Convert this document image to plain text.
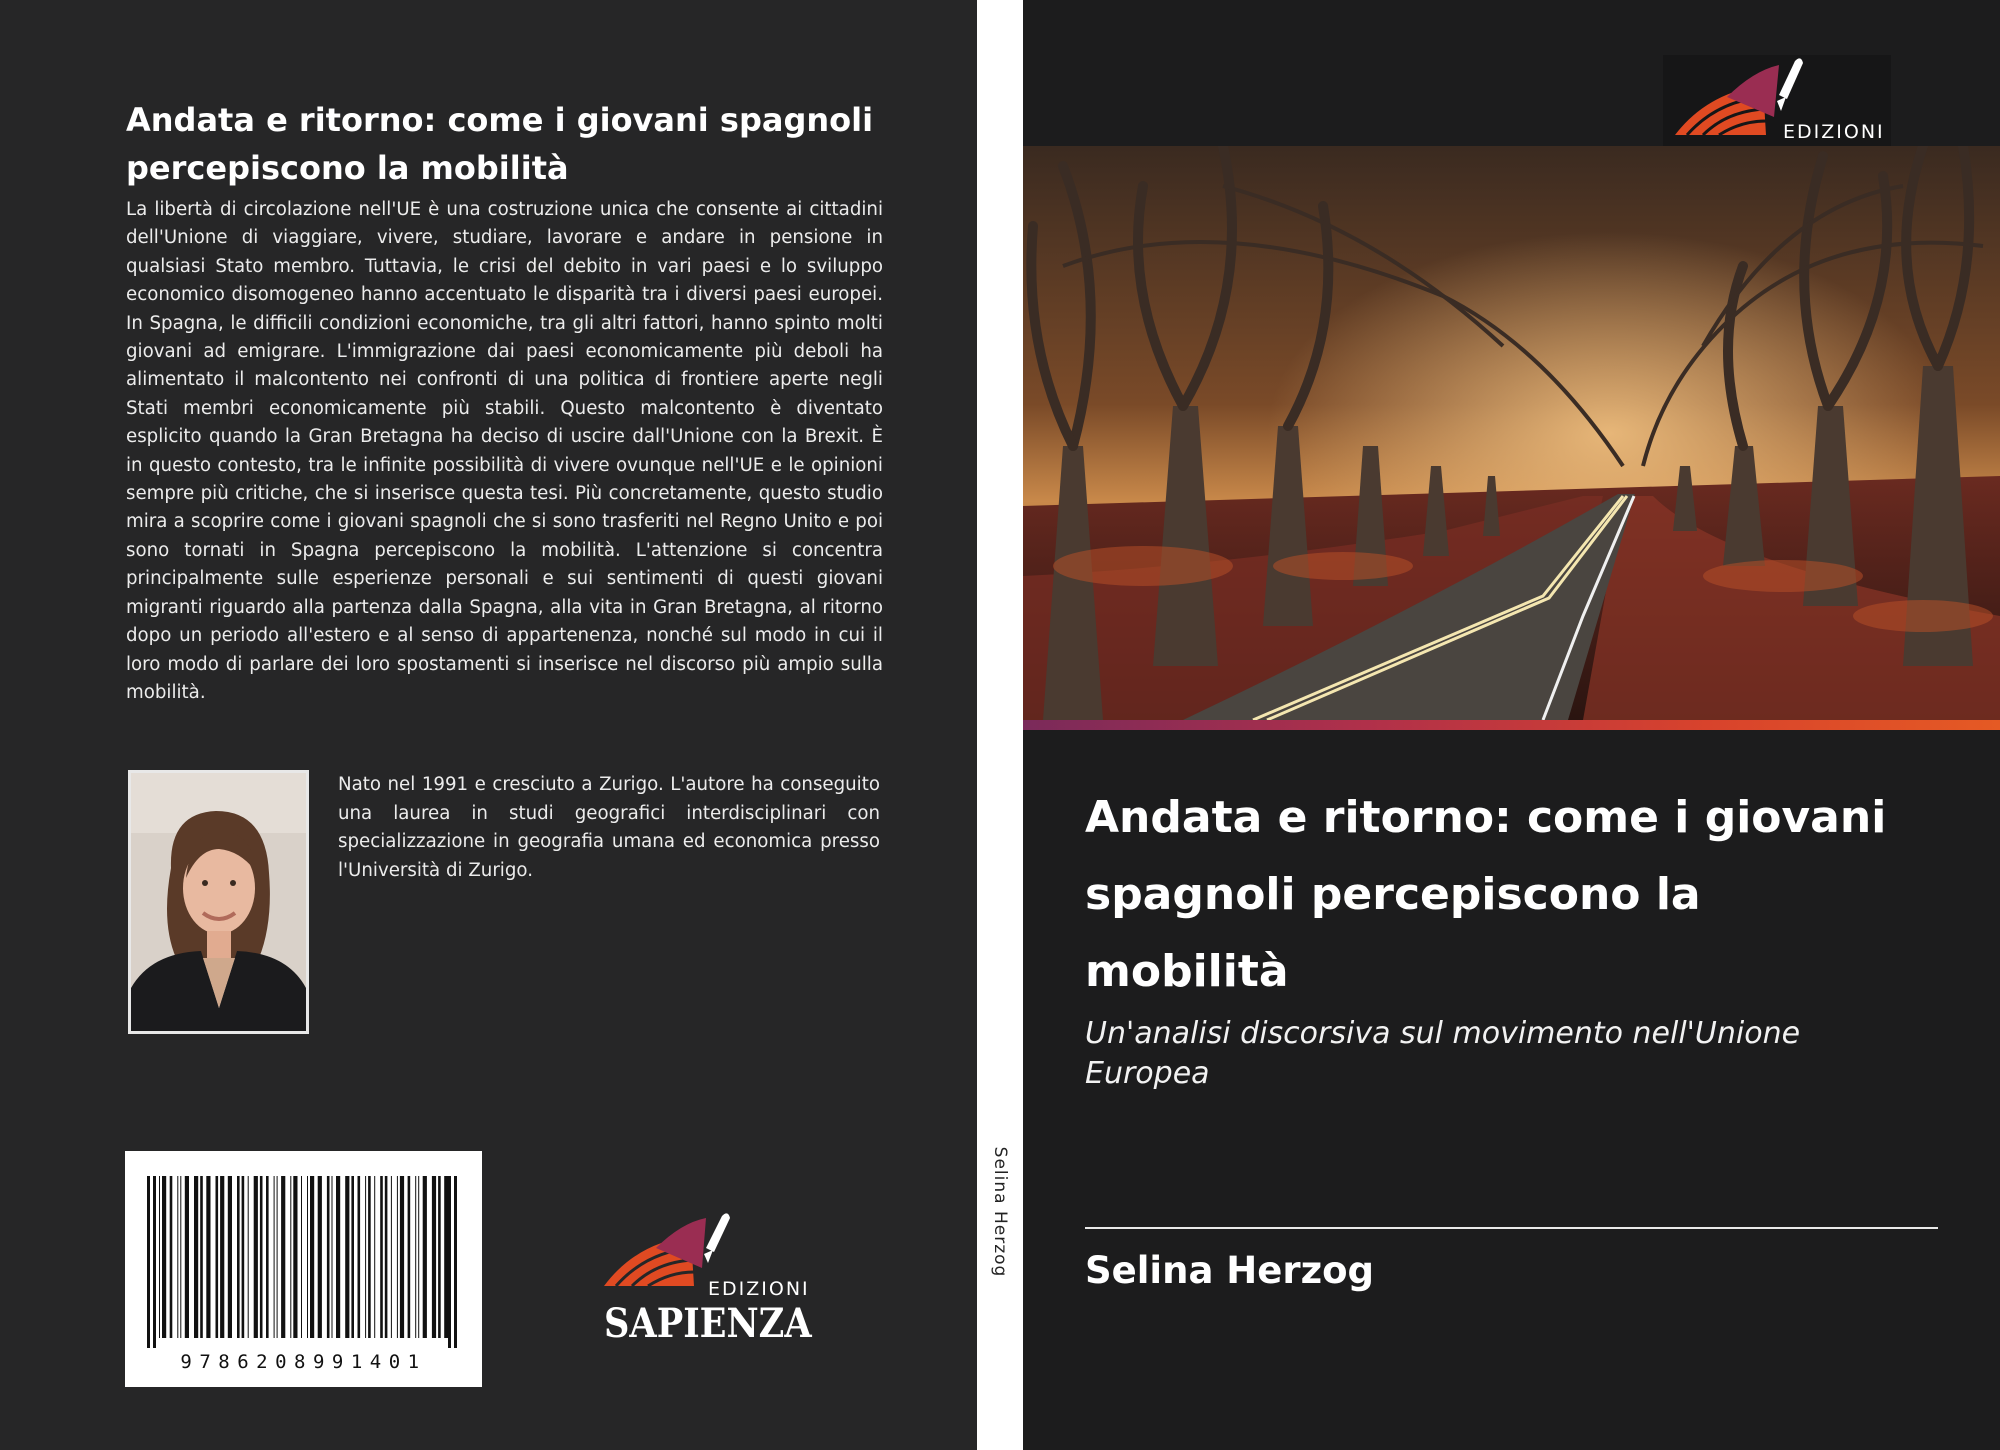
Andata e ritorno: come i giovani spagnoli percepiscono la mobilità
La libertà di circolazione nell'UE è una costruzione unica che consente ai cittadini dell'Unione di viaggiare, vivere, studiare, lavorare e andare in pensione in qualsiasi Stato membro. Tuttavia, le crisi del debito in vari paesi e lo sviluppo economico disomogeneo hanno accentuato le disparità tra i diversi paesi europei. In Spagna, le difficili condizioni economiche, tra gli altri fattori, hanno spinto molti giovani ad emigrare. L'immigrazione dai paesi economicamente più deboli ha alimentato il malcontento nei confronti di una politica di frontiere aperte negli Stati membri economicamente più stabili. Questo malcontento è diventato esplicito quando la Gran Bretagna ha deciso di uscire dall'Unione con la Brexit. È in questo contesto, tra le infinite possibilità di vivere ovunque nell'UE e le opinioni sempre più critiche, che si inserisce questa tesi. Più concretamente, questo studio mira a scoprire come i giovani spagnoli che si sono trasferiti nel Regno Unito e poi sono tornati in Spagna percepiscono la mobilità. L'attenzione si concentra principalmente sulle esperienze personali e sui sentimenti di questi giovani migranti riguardo alla partenza dalla Spagna, alla vita in Gran Bretagna, al ritorno dopo un periodo all'estero e al senso di appartenenza, nonché sul modo in cui il loro modo di parlare dei loro spostamenti si inserisce nel discorso più ampio sulla mobilità.
Nato nel 1991 e cresciuto a Zurigo. L'autore ha conseguito una laurea in studi geografici interdisciplinari con specializzazione in geografia umana ed economica presso l'Università di Zurigo.
9786208991401
EDIZIONI
SAPIENZA
Selina Herzog
EDIZIONI
Andata e ritorno: come i giovani spagnoli percepiscono la mobilità
Un'analisi discorsiva sul movimento nell'Unione Europea
Selina Herzog
